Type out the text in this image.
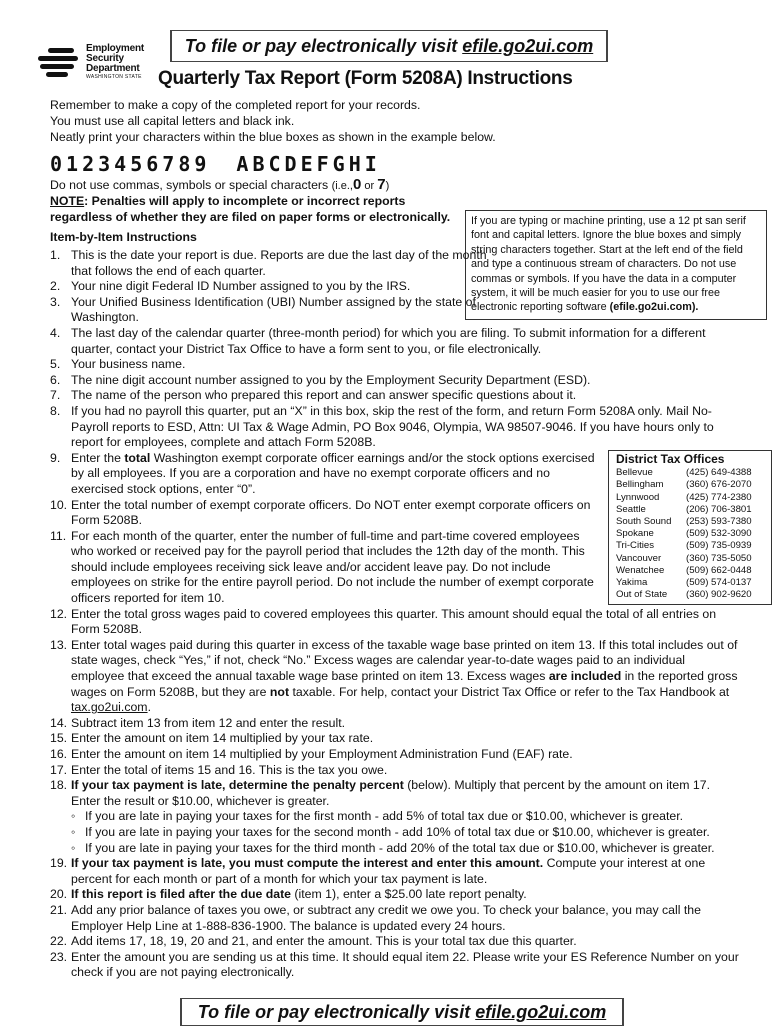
Employment
Security
Department
WASHINGTON STATE
To file or pay electronically visit efile.go2ui.com
Quarterly Tax Report (Form 5208A) Instructions
Remember to make a copy of the completed report for your records.
You must use all capital letters and black ink.
Neatly print your characters within the blue boxes as shown in the example below.
0123456789 ABCDEFGHI
Do not use commas, symbols or special characters (i.e.,0 or 7)
NOTE: Penalties will apply to incomplete or incorrect reports
regardless of whether they are filed on paper forms or electronically.
Item-by-Item Instructions
If you are typing or machine printing, use a 12 pt san serif font and capital letters. Ignore the blue boxes and simply string characters together. Start at the left end of the field and type a continuous stream of characters. Do not use commas or symbols. If you have the data in a computer system, it will be much easier for you to use our free electronic reporting software (efile.go2ui.com).
District Tax Offices
Bellevue	(425) 649-4388
Bellingham	(360) 676-2070
Lynnwood	(425) 774-2380
Seattle	(206) 706-3801
South Sound	(253) 593-7380
Spokane	(509) 532-3090
Tri-Cities	(509) 735-0939
Vancouver	(360) 735-5050
Wenatchee	(509) 662-0448
Yakima	(509) 574-0137
Out of State	(360) 902-9620
1. This is the date your report is due. Reports are due the last day of the month that follows the end of each quarter.
2. Your nine digit Federal ID Number assigned to you by the IRS.
3. Your Unified Business Identification (UBI) Number assigned by the state of Washington.
4. The last day of the calendar quarter (three-month period) for which you are filing. To submit information for a different quarter, contact your District Tax Office to have a form sent to you, or file electronically.
5. Your business name.
6. The nine digit account number assigned to you by the Employment Security Department (ESD).
7. The name of the person who prepared this report and can answer specific questions about it.
8. If you had no payroll this quarter, put an “X” in this box, skip the rest of the form, and return Form 5208A only. Mail No-Payroll reports to ESD, Attn: UI Tax & Wage Admin, PO Box 9046, Olympia, WA 98507-9046. If you have hours only to report for employees, complete and attach Form 5208B.
9. Enter the total Washington exempt corporate officer earnings and/or the stock options exercised by all employees. If you are a corporation and have no exempt corporate officers and no exercised stock options, enter “0”.
10. Enter the total number of exempt corporate officers. Do NOT enter exempt corporate officers on Form 5208B.
11. For each month of the quarter, enter the number of full-time and part-time covered employees who worked or received pay for the payroll period that includes the 12th day of the month. This should include employees receiving sick leave and/or accident leave pay. Do not include employees on strike for the entire payroll period. Do not include the number of exempt corporate officers reported for item 10.
12. Enter the total gross wages paid to covered employees this quarter. This amount should equal the total of all entries on Form 5208B.
13. Enter total wages paid during this quarter in excess of the taxable wage base printed on item 13. If this total includes out of state wages, check “Yes,” if not, check “No.” Excess wages are calendar year-to-date wages paid to an individual employee that exceed the annual taxable wage base printed on item 13. Excess wages are included in the reported gross wages on Form 5208B, but they are not taxable. For help, contact your District Tax Office or refer to the Tax Handbook at tax.go2ui.com.
14. Subtract item 13 from item 12 and enter the result.
15. Enter the amount on item 14 multiplied by your tax rate.
16. Enter the amount on item 14 multiplied by your Employment Administration Fund (EAF) rate.
17. Enter the total of items 15 and 16. This is the tax you owe.
18. If your tax payment is late, determine the penalty percent (below). Multiply that percent by the amount on item 17. Enter the result or $10.00, whichever is greater.
◦ If you are late in paying your taxes for the first month - add 5% of total tax due or $10.00, whichever is greater.
◦ If you are late in paying your taxes for the second month - add 10% of total tax due or $10.00, whichever is greater.
◦ If you are late in paying your taxes for the third month - add 20% of the total tax due or $10.00, whichever is greater.
19. If your tax payment is late, you must compute the interest and enter this amount. Compute your interest at one percent for each month or part of a month for which your tax payment is late.
20. If this report is filed after the due date (item 1), enter a $25.00 late report penalty.
21. Add any prior balance of taxes you owe, or subtract any credit we owe you. To check your balance, you may call the Employer Help Line at 1-888-836-1900. The balance is updated every 24 hours.
22. Add items 17, 18, 19, 20 and 21, and enter the amount. This is your total tax due this quarter.
23. Enter the amount you are sending us at this time. It should equal item 22. Please write your ES Reference Number on your check if you are not paying electronically.
To file or pay electronically visit efile.go2ui.com
